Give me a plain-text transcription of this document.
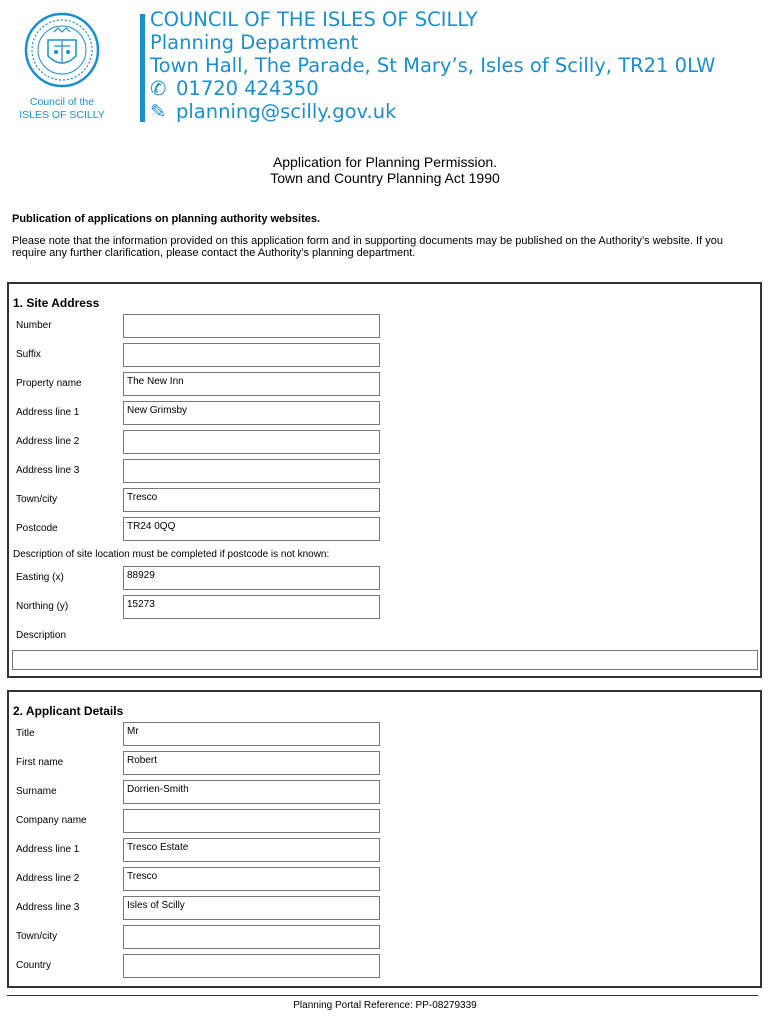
Council of the
ISLES OF SCILLY
COUNCIL OF THE ISLES OF SCILLY
Planning Department
Town Hall, The Parade, St Mary’s, Isles of Scilly, TR21 0LW
✆ 01720 424350
✎ planning@scilly.gov.uk
Application for Planning Permission.
Town and Country Planning Act 1990
Publication of applications on planning authority websites.
Please note that the information provided on this application form and in supporting documents may be published on the Authority’s website. If you require any further clarification, please contact the Authority’s planning department.
1. Site Address
Number
Suffix
Property name	The New Inn
Address line 1	New Grimsby
Address line 2
Address line 3
Town/city	Tresco
Postcode	TR24 0QQ
Description of site location must be completed if postcode is not known:
Easting (x)	88929
Northing (y)	15273
Description
2. Applicant Details
Title	Mr
First name	Robert
Surname	Dorrien-Smith
Company name
Address line 1	Tresco Estate
Address line 2	Tresco
Address line 3	Isles of Scilly
Town/city
Country
Planning Portal Reference: PP-08279339
